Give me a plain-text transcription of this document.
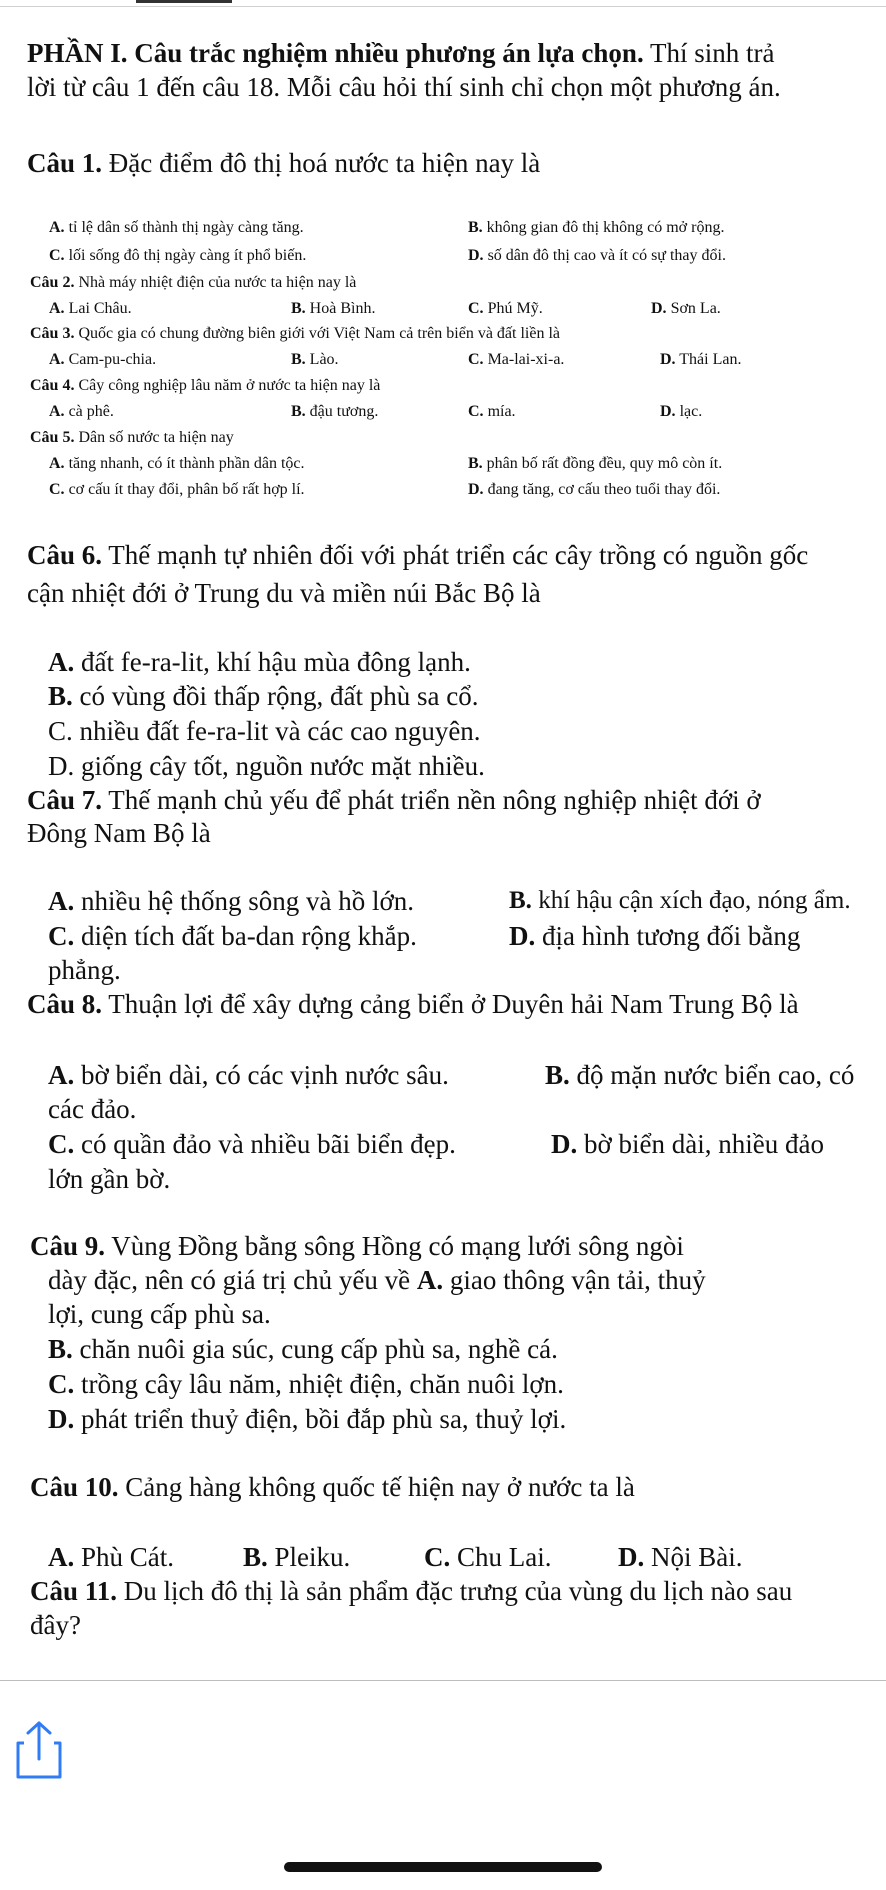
PHẦN I. Câu trắc nghiệm nhiều phương án lựa chọn. Thí sinh trả
lời từ câu 1 đến câu 18. Mỗi câu hỏi thí sinh chỉ chọn một phương án.
Câu 1. Đặc điểm đô thị hoá nước ta hiện nay là
A. tỉ lệ dân số thành thị ngày càng tăng.	B. không gian đô thị không có mở rộng.
C. lối sống đô thị ngày càng ít phổ biến.	D. số dân đô thị cao và ít có sự thay đổi.
Câu 2. Nhà máy nhiệt điện của nước ta hiện nay là
A. Lai Châu.	B. Hoà Bình.	C. Phú Mỹ.	D. Sơn La.
Câu 3. Quốc gia có chung đường biên giới với Việt Nam cả trên biển và đất liền là
A. Cam-pu-chia.	B. Lào.	C. Ma-lai-xi-a.	D. Thái Lan.
Câu 4. Cây công nghiệp lâu năm ở nước ta hiện nay là
A. cà phê.	B. đậu tương.	C. mía.	D. lạc.
Câu 5. Dân số nước ta hiện nay
A. tăng nhanh, có ít thành phần dân tộc.	B. phân bố rất đồng đều, quy mô còn ít.
C. cơ cấu ít thay đổi, phân bố rất hợp lí.	D. đang tăng, cơ cấu theo tuổi thay đổi.
Câu 6. Thế mạnh tự nhiên đối với phát triển các cây trồng có nguồn gốc
cận nhiệt đới ở Trung du và miền núi Bắc Bộ là
A. đất fe-ra-lit, khí hậu mùa đông lạnh.
B. có vùng đồi thấp rộng, đất phù sa cổ.
C. nhiều đất fe-ra-lit và các cao nguyên.
D. giống cây tốt, nguồn nước mặt nhiều.
Câu 7. Thế mạnh chủ yếu để phát triển nền nông nghiệp nhiệt đới ở
Đông Nam Bộ là
A. nhiều hệ thống sông và hồ lớn.	B. khí hậu cận xích đạo, nóng ẩm.
C. diện tích đất ba-dan rộng khắp.	D. địa hình tương đối bằng
phẳng.
Câu 8. Thuận lợi để xây dựng cảng biển ở Duyên hải Nam Trung Bộ là
A. bờ biển dài, có các vịnh nước sâu.	B. độ mặn nước biển cao, có
các đảo.
C. có quần đảo và nhiều bãi biển đẹp.	D. bờ biển dài, nhiều đảo
lớn gần bờ.
Câu 9. Vùng Đồng bằng sông Hồng có mạng lưới sông ngòi
dày đặc, nên có giá trị chủ yếu về A. giao thông vận tải, thuỷ
lợi, cung cấp phù sa.
B. chăn nuôi gia súc, cung cấp phù sa, nghề cá.
C. trồng cây lâu năm, nhiệt điện, chăn nuôi lợn.
D. phát triển thuỷ điện, bồi đắp phù sa, thuỷ lợi.
Câu 10. Cảng hàng không quốc tế hiện nay ở nước ta là
A. Phù Cát.	B. Pleiku.	C. Chu Lai. D. Nội Bài.
Câu 11. Du lịch đô thị là sản phẩm đặc trưng của vùng du lịch nào sau
đây?
